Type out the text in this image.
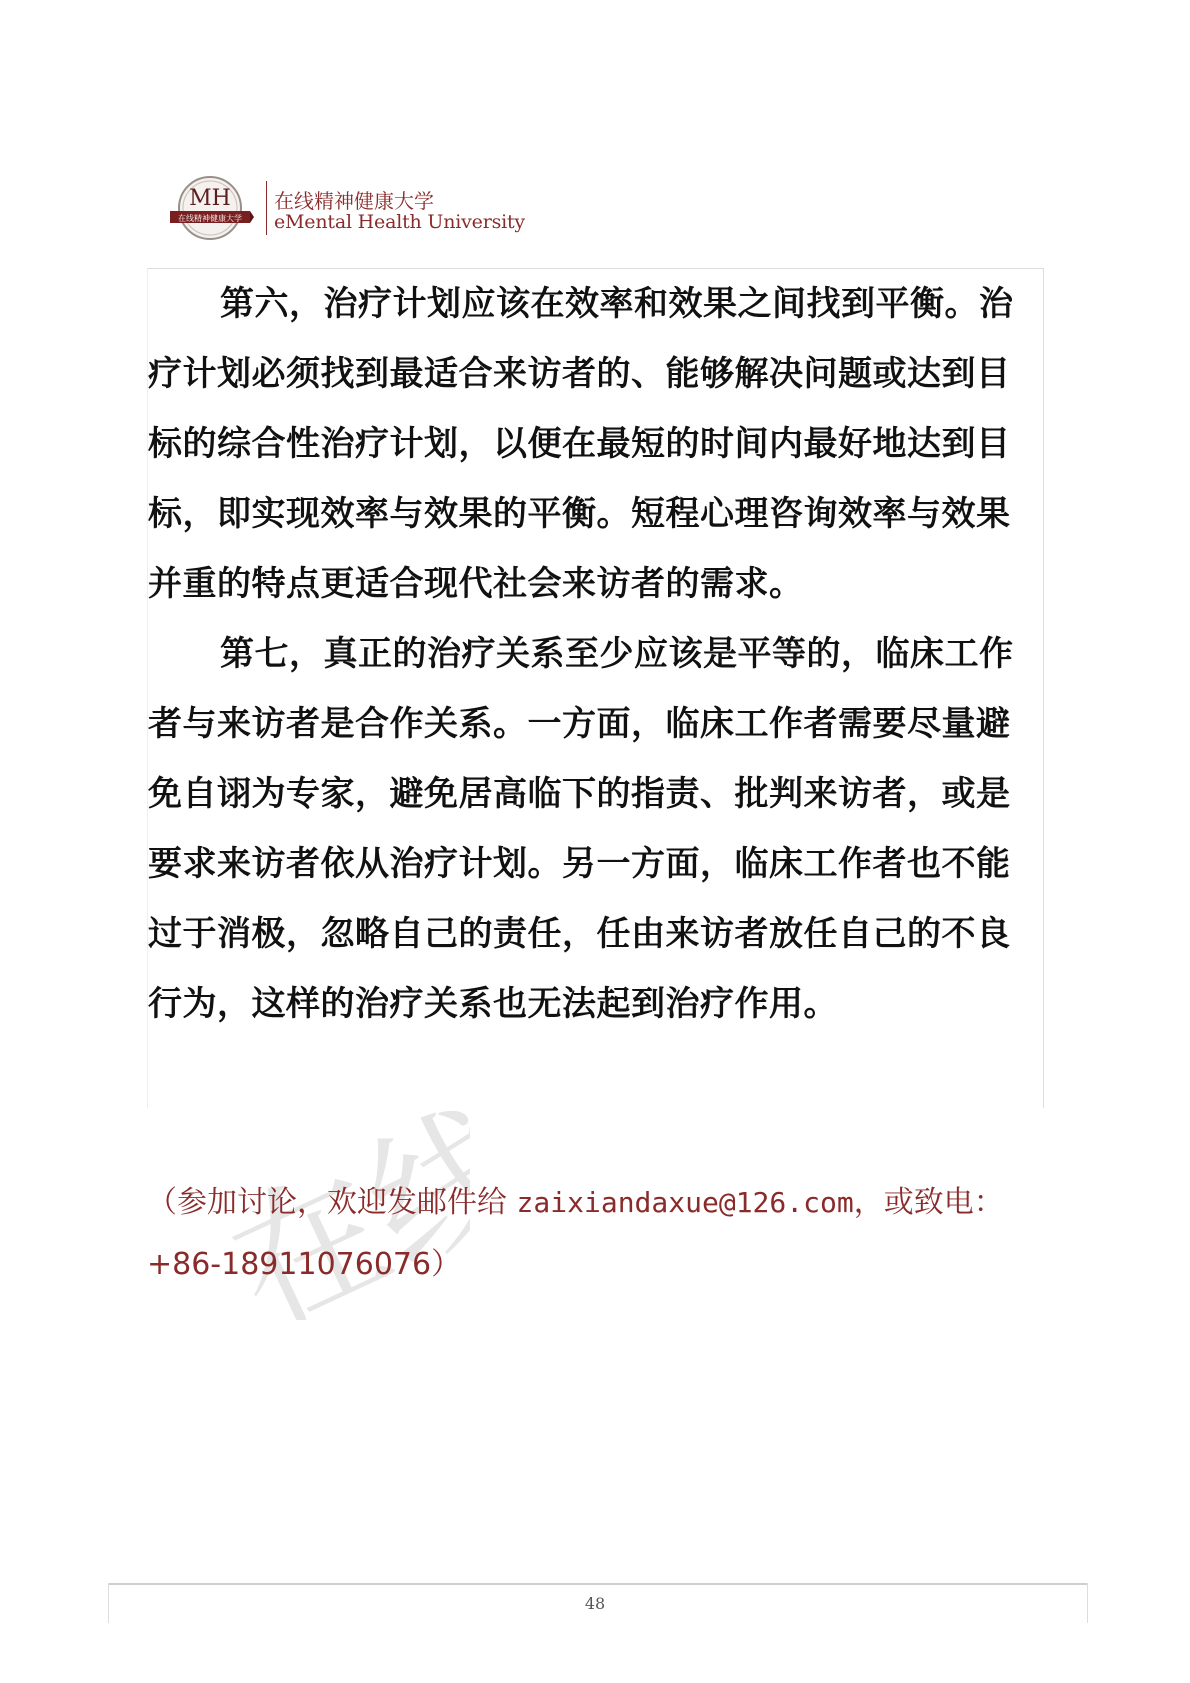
MH
在线精神健康大学
在线精神健康大学
eMental Health University

第六，治疗计划应该在效率和效果之间找到平衡。治疗计划必须找到最适合来访者的、能够解决问题或达到目标的综合性治疗计划，以便在最短的时间内最好地达到目标，即实现效率与效果的平衡。短程心理咨询效率与效果并重的特点更适合现代社会来访者的需求。

第七，真正的治疗关系至少应该是平等的，临床工作者与来访者是合作关系。一方面，临床工作者需要尽量避免自诩为专家，避免居高临下的指责、批判来访者，或是要求来访者依从治疗计划。另一方面，临床工作者也不能过于消极，忽略自己的责任，任由来访者放任自己的不良行为，这样的治疗关系也无法起到治疗作用。

在线
（参加讨论，欢迎发邮件给 zaixiandaxue@126.com，或致电：
+86-18911076076）
48
